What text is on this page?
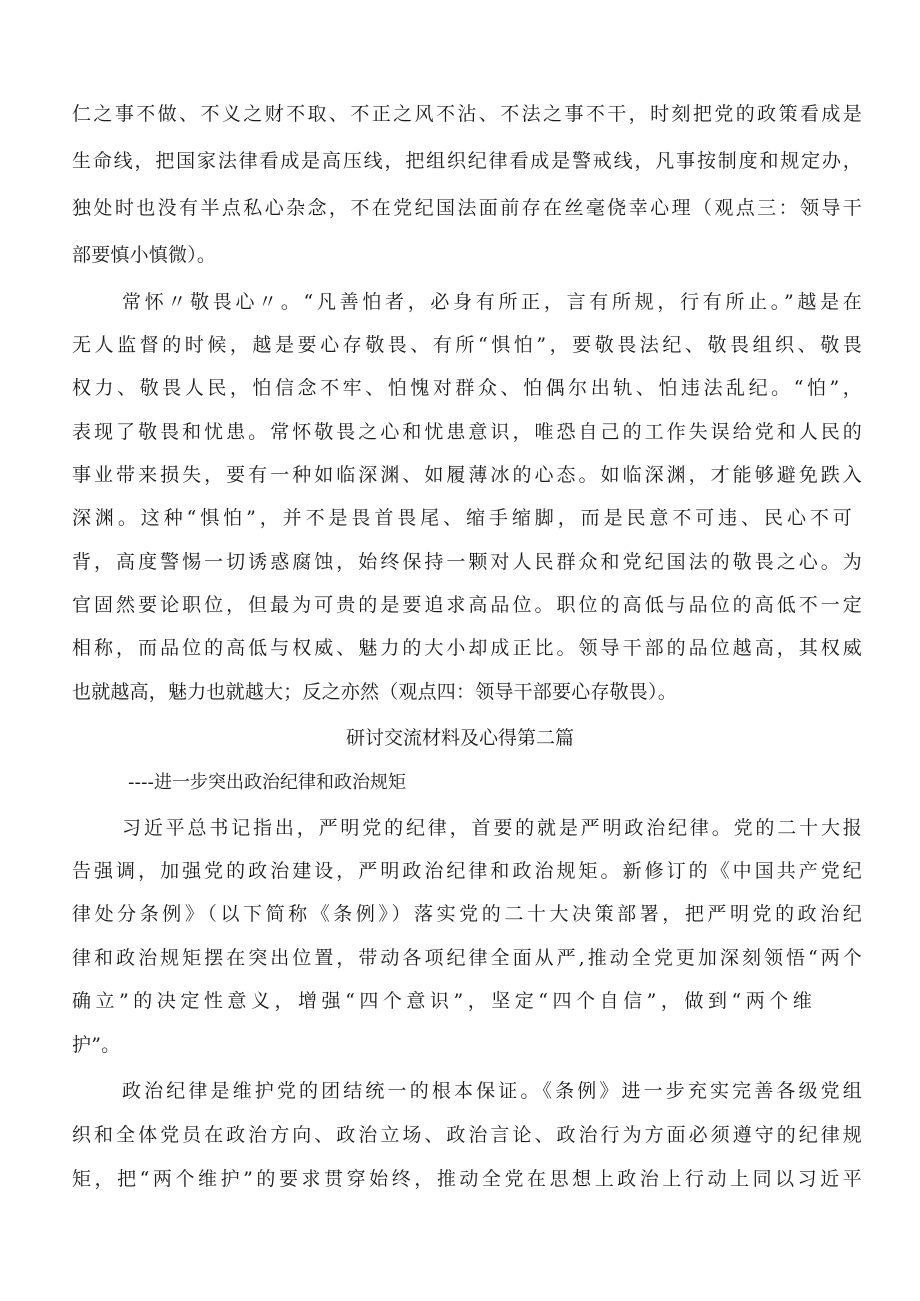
仁之事不做、不义之财不取、不正之风不沾、不法之事不干，时刻把党的政策看成是
生命线，把国家法律看成是高压线，把组织纪律看成是警戒线，凡事按制度和规定办，
独处时也没有半点私心杂念，不在党纪国法面前存在丝毫侥幸心理（观点三：领导干
部要慎小慎微）。
常怀〃敬畏心〃。“凡善怕者，必身有所正，言有所规，行有所止。”越是在
无人监督的时候，越是要心存敬畏、有所“惧怕”，要敬畏法纪、敬畏组织、敬畏
权力、敬畏人民，怕信念不牢、怕愧对群众、怕偶尔出轨、怕违法乱纪。“怕”，
表现了敬畏和忧患。常怀敬畏之心和忧患意识，唯恐自己的工作失误给党和人民的
事业带来损失，要有一种如临深渊、如履薄冰的心态。如临深渊，才能够避免跌入
深渊。这种“惧怕”，并不是畏首畏尾、缩手缩脚，而是民意不可违、民心不可
背，高度警惕一切诱惑腐蚀，始终保持一颗对人民群众和党纪国法的敬畏之心。为
官固然要论职位，但最为可贵的是要追求高品位。职位的高低与品位的高低不一定
相称，而品位的高低与权威、魅力的大小却成正比。领导干部的品位越高，其权威
也就越高，魅力也就越大；反之亦然（观点四：领导干部要心存敬畏）。
研讨交流材料及心得第二篇
----进一步突出政治纪律和政治规矩
习近平总书记指出，严明党的纪律，首要的就是严明政治纪律。党的二十大报
告强调，加强党的政治建设，严明政治纪律和政治规矩。新修订的《中国共产党纪
律处分条例》（以下简称《条例》）落实党的二十大决策部署，把严明党的政治纪
律和政治规矩摆在突出位置，带动各项纪律全面从严,推动全党更加深刻领悟“两个
确立”的决定性意义，增强“四个意识”，坚定“四个自信”，做到“两个维
护”。
政治纪律是维护党的团结统一的根本保证。《条例》进一步充实完善各级党组
织和全体党员在政治方向、政治立场、政治言论、政治行为方面必须遵守的纪律规
矩，把“两个维护”的要求贯穿始终，推动全党在思想上政治上行动上同以习近平
